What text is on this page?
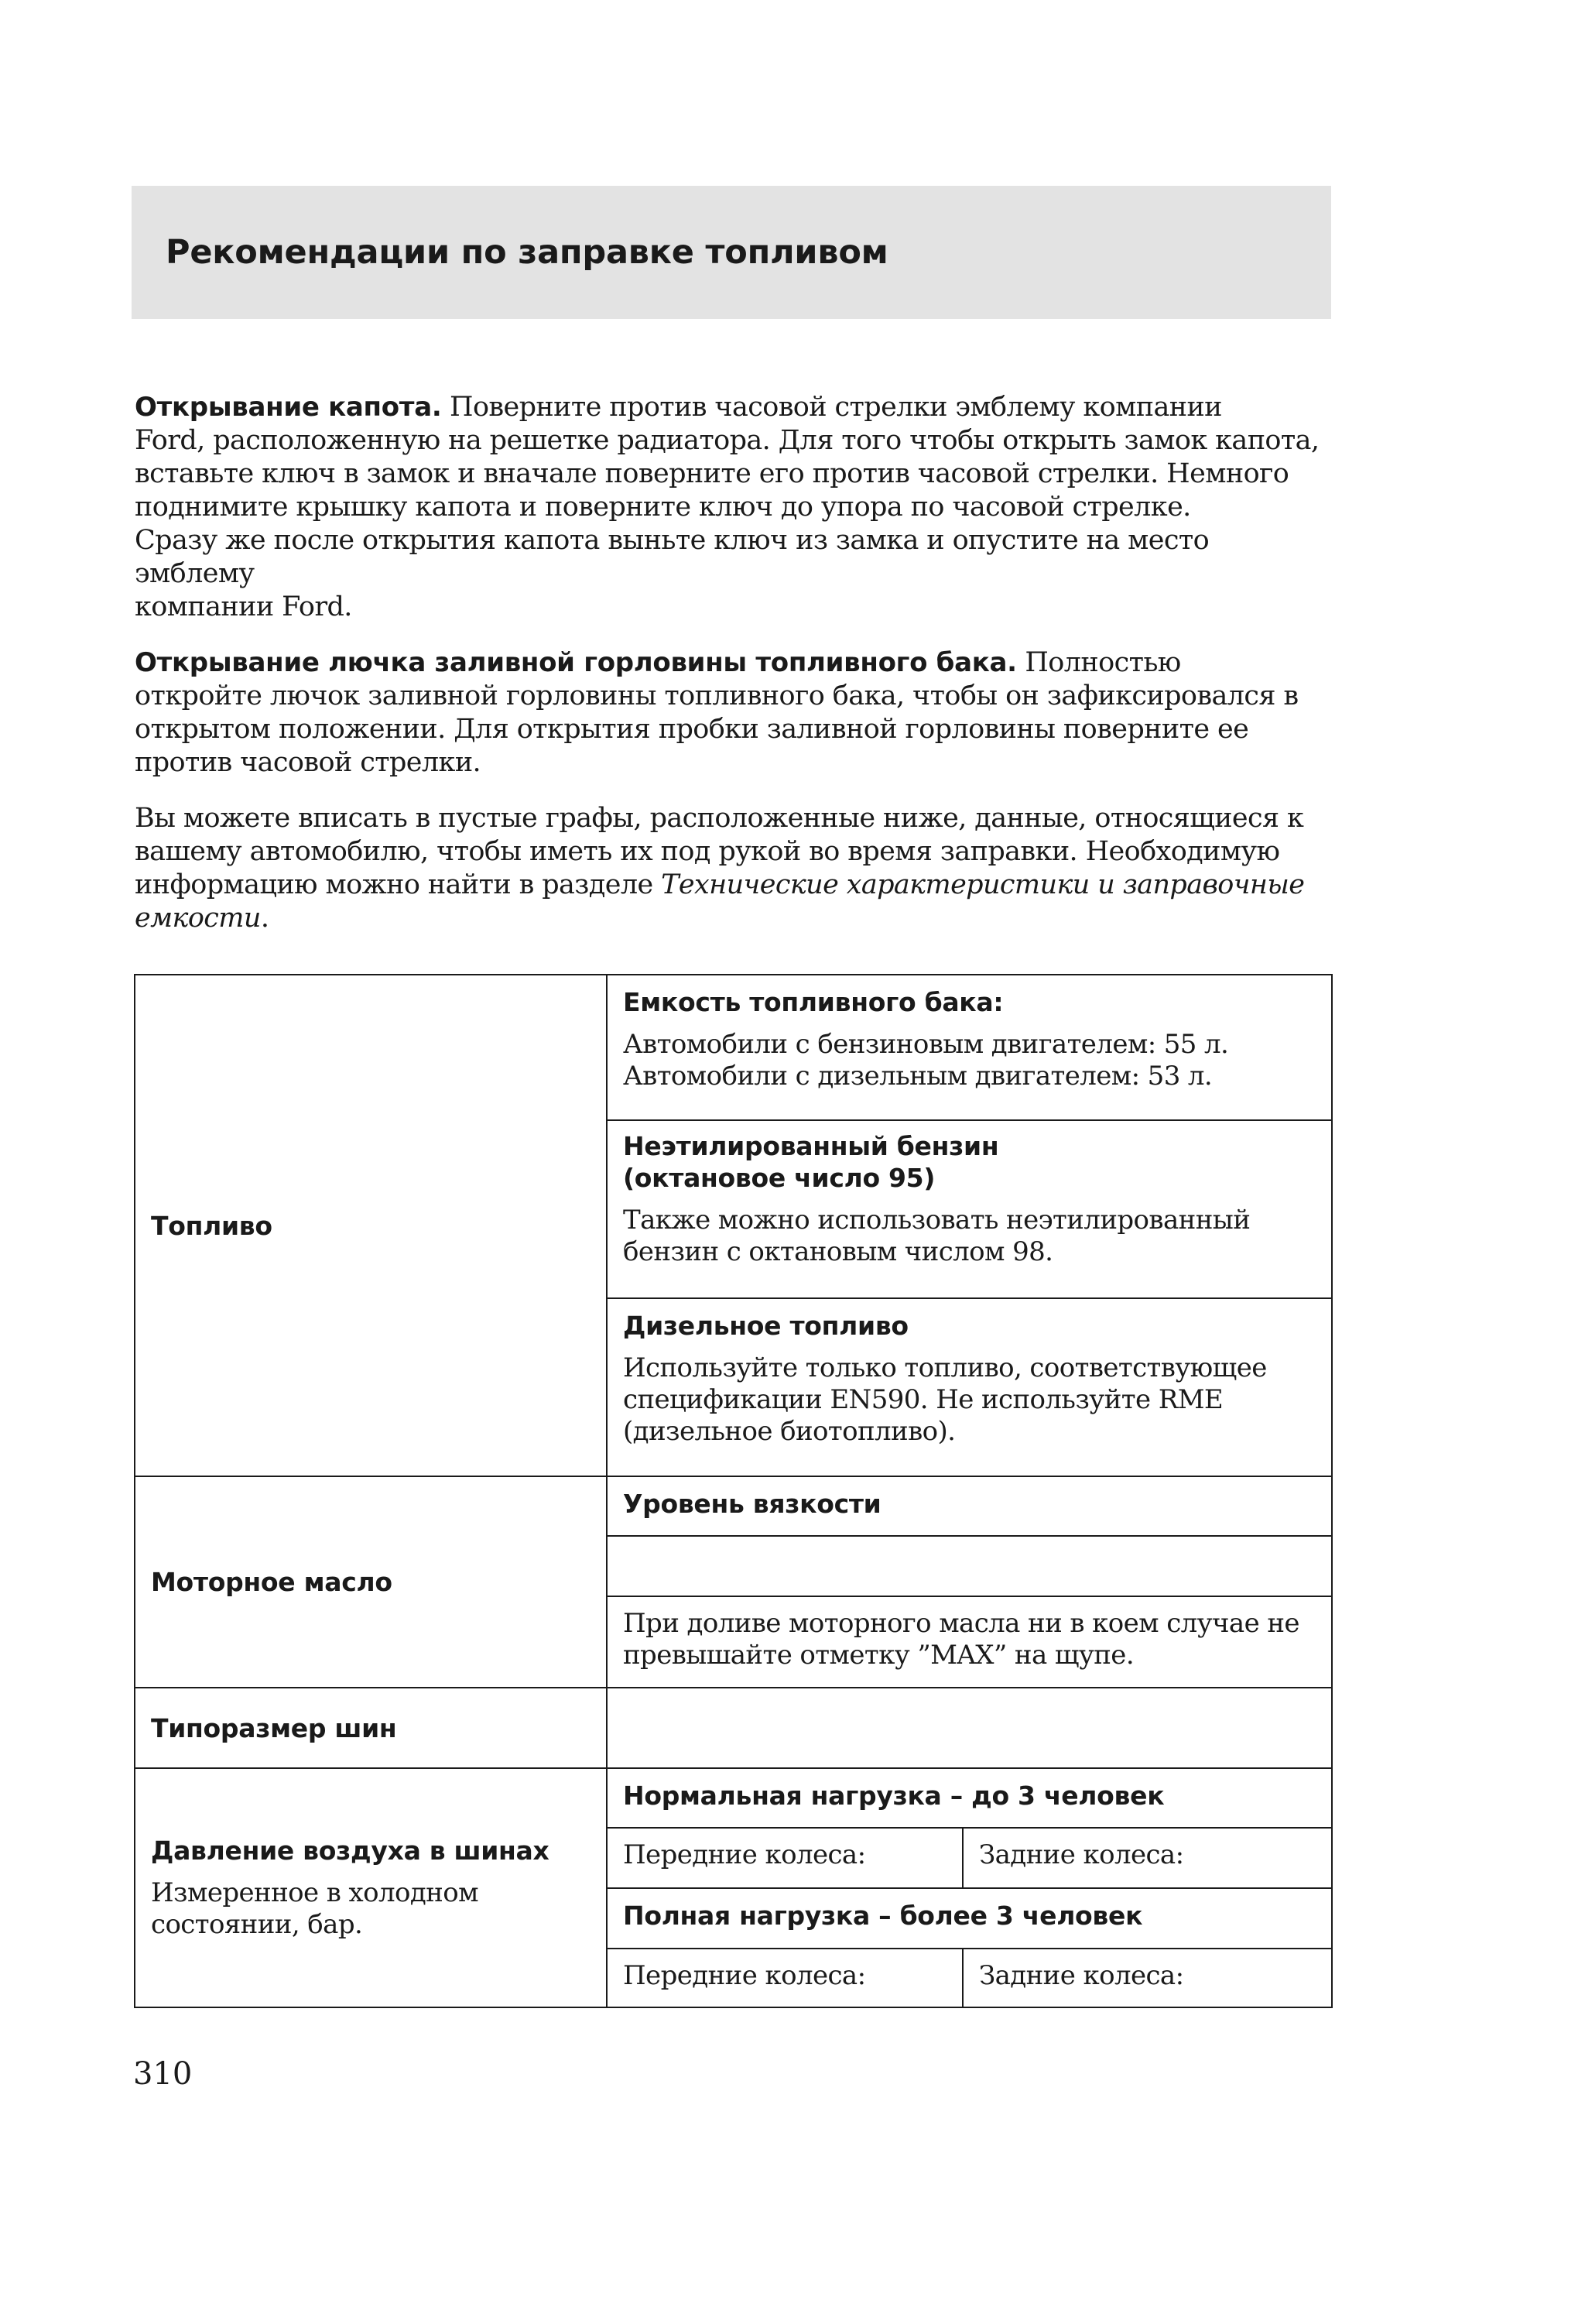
Рекомендации по заправке топливом

Открывание капота. Поверните против часовой стрелки эмблему компании
Ford, расположенную на решетке радиатора. Для того чтобы открыть замок капота,
вставьте ключ в замок и вначале поверните его против часовой стрелки. Немного
поднимите крышку капота и поверните ключ до упора по часовой стрелке.
Сразу же после открытия капота выньте ключ из замка и опустите на место эмблему
компании Ford.

Открывание лючка заливной горловины топливного бака. Полностью
откройте лючок заливной горловины топливного бака, чтобы он зафиксировался в
открытом положении. Для открытия пробки заливной горловины поверните ее
против часовой стрелки.

Вы можете вписать в пустые графы, расположенные ниже, данные, относящиеся к
вашему автомобилю, чтобы иметь их под рукой во время заправки. Необходимую
информацию можно найти в разделе Технические характеристики и заправочные
емкости.

Топливо	Емкость топливного бака:
Автомобили с бензиновым двигателем: 55 л.
Автомобили с дизельным двигателем: 53 л.	

	Неэтилированный бензин
(октановое число 95)
Также можно использовать неэтилированный
бензин с октановым числом 98.	

	Дизельное топливо
Используйте только топливо, соответствующее
спецификации EN590. Не используйте RME
(дизельное биотопливо).	

Моторное масло	Уровень вязкости	

	При доливе моторного масла ни в коем случае не
превышайте отметку ”MAX” на щупе.	

Типоразмер шин		

Давление воздуха в шинах
Измеренное в холодном
состоянии, бар.	Нормальная нагрузка – до 3 человек	

	Передние колеса:	Задние колеса:

	Полная нагрузка – более 3 человек	

	Передние колеса:	Задние колеса:
310
